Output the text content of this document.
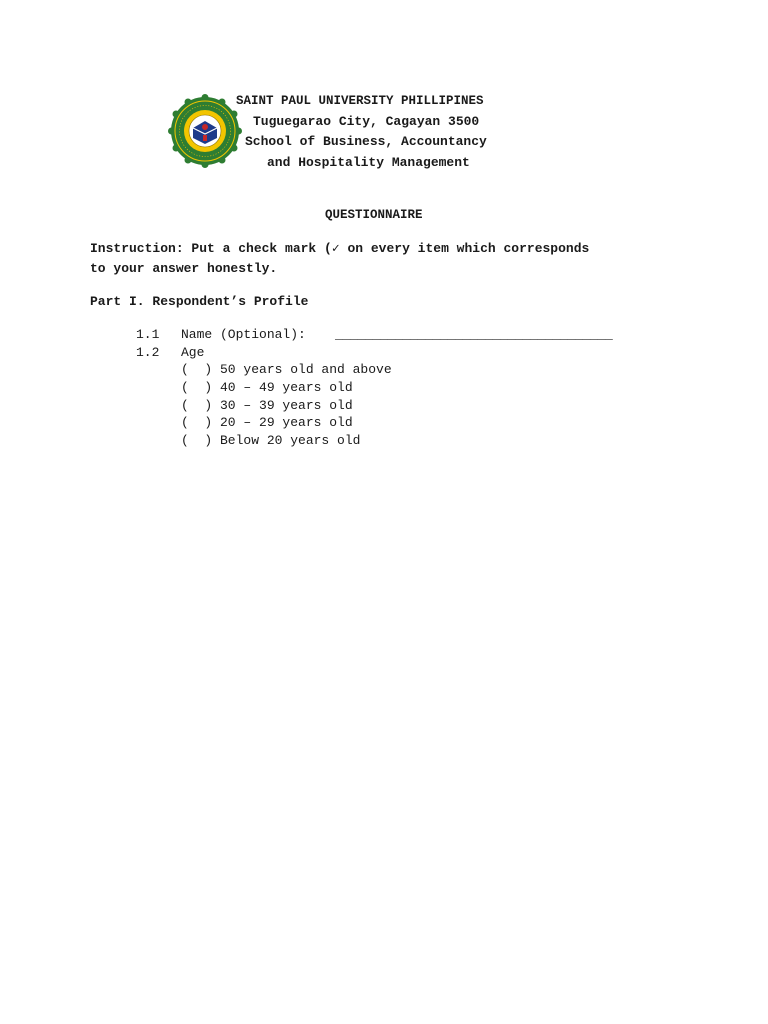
SAINT PAUL UNIVERSITY PHILLIPINES
Tuguegarao City, Cagayan 3500
School of Business, Accountancy
and Hospitality Management
QUESTIONNAIRE
Instruction: Put a check mark (✓ on every item which corresponds
to your answer honestly.
Part I. Respondent’s Profile
1.1 Name (Optional): _____________________________________
1.2 Age
(  ) 50 years old and above
(  ) 40 – 49 years old
(  ) 30 – 39 years old
(  ) 20 – 29 years old
(  ) Below 20 years old
